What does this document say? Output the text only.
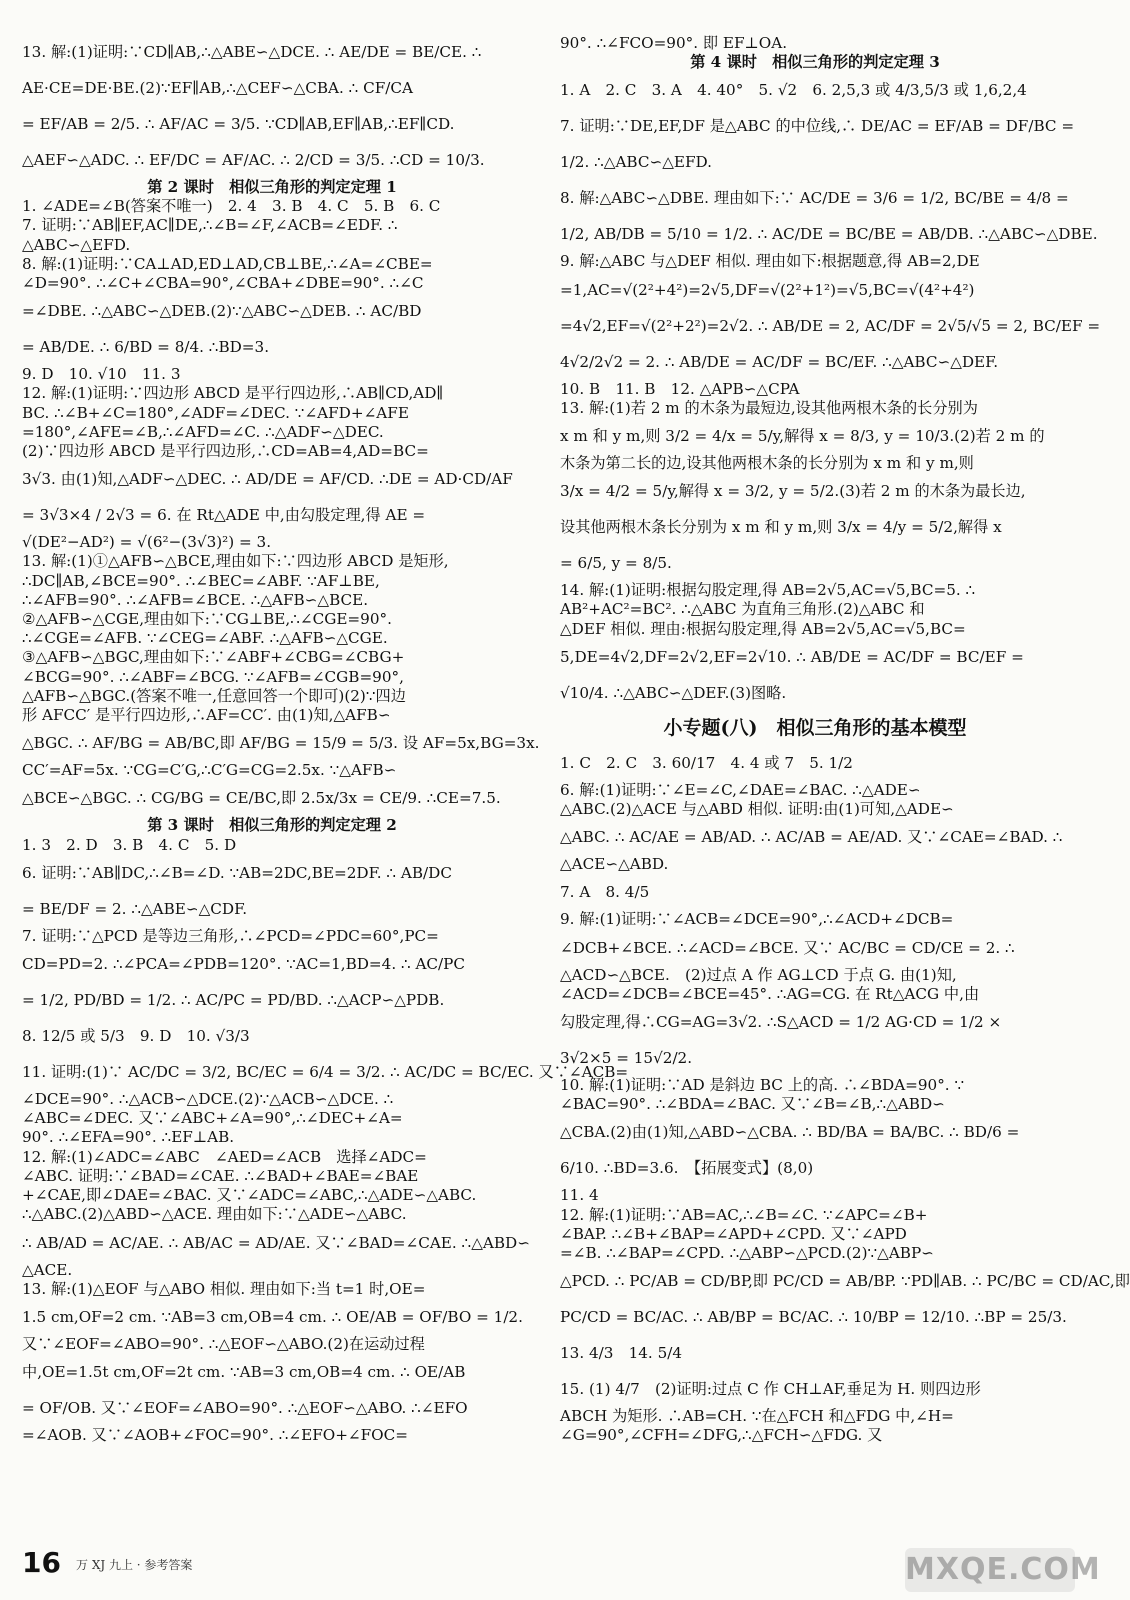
13. 解:(1)证明:∵CD∥AB,∴△ABE∽△DCE. ∴ AE/DE = BE/CE. ∴
AE·CE=DE·BE.(2)∵EF∥AB,∴△CEF∽△CBA. ∴ CF/CA
= EF/AB = 2/5. ∴ AF/AC = 3/5. ∵CD∥AB,EF∥AB,∴EF∥CD.
△AEF∽△ADC. ∴ EF/DC = AF/AC. ∴ 2/CD = 3/5. ∴CD = 10/3.
第 2 课时　相似三角形的判定定理 1
1. ∠ADE=∠B(答案不唯一)　2. 4　3. B　4. C　5. B　6. C
7. 证明:∵AB∥EF,AC∥DE,∴∠B=∠F,∠ACB=∠EDF. ∴
△ABC∽△EFD.
8. 解:(1)证明:∵CA⊥AD,ED⊥AD,CB⊥BE,∴∠A=∠CBE=
∠D=90°. ∴∠C+∠CBA=90°,∠CBA+∠DBE=90°. ∴∠C
=∠DBE. ∴△ABC∽△DEB.(2)∵△ABC∽△DEB. ∴ AC/BD
= AB/DE. ∴ 6/BD = 8/4. ∴BD=3.
9. D　10. √10　11. 3
12. 解:(1)证明:∵四边形 ABCD 是平行四边形,∴AB∥CD,AD∥
BC. ∴∠B+∠C=180°,∠ADF=∠DEC. ∵∠AFD+∠AFE
=180°,∠AFE=∠B,∴∠AFD=∠C. ∴△ADF∽△DEC.
(2)∵四边形 ABCD 是平行四边形,∴CD=AB=4,AD=BC=
3√3. 由(1)知,△ADF∽△DEC. ∴ AD/DE = AF/CD. ∴DE = AD·CD/AF
= 3√3×4 / 2√3 = 6. 在 Rt△ADE 中,由勾股定理,得 AE =
√(DE²−AD²) = √(6²−(3√3)²) = 3.
13. 解:(1)①△AFB∽△BCE,理由如下:∵四边形 ABCD 是矩形,
∴DC∥AB,∠BCE=90°. ∴∠BEC=∠ABF. ∵AF⊥BE,
∴∠AFB=90°. ∴∠AFB=∠BCE. ∴△AFB∽△BCE.
②△AFB∽△CGE,理由如下:∵CG⊥BE,∴∠CGE=90°.
∴∠CGE=∠AFB. ∵∠CEG=∠ABF. ∴△AFB∽△CGE.
③△AFB∽△BGC,理由如下:∵∠ABF+∠CBG=∠CBG+
∠BCG=90°. ∴∠ABF=∠BCG. ∵∠AFB=∠CGB=90°,
△AFB∽△BGC.(答案不唯一,任意回答一个即可)(2)∵四边
形 AFCC′ 是平行四边形,∴AF=CC′. 由(1)知,△AFB∽
△BGC. ∴ AF/BG = AB/BC,即 AF/BG = 15/9 = 5/3. 设 AF=5x,BG=3x.
CC′=AF=5x. ∵CG=C′G,∴C′G=CG=2.5x. ∵△AFB∽
△BCE∽△BGC. ∴ CG/BG = CE/BC,即 2.5x/3x = CE/9. ∴CE=7.5.
第 3 课时　相似三角形的判定定理 2
1. 3　2. D　3. B　4. C　5. D
6. 证明:∵AB∥DC,∴∠B=∠D. ∵AB=2DC,BE=2DF. ∴ AB/DC
= BE/DF = 2. ∴△ABE∽△CDF.
7. 证明:∵△PCD 是等边三角形,∴∠PCD=∠PDC=60°,PC=
CD=PD=2. ∴∠PCA=∠PDB=120°. ∵AC=1,BD=4. ∴ AC/PC
= 1/2, PD/BD = 1/2. ∴ AC/PC = PD/BD. ∴△ACP∽△PDB.
8. 12/5 或 5/3　9. D　10. √3/3
11. 证明:(1)∵ AC/DC = 3/2, BC/EC = 6/4 = 3/2. ∴ AC/DC = BC/EC. 又∵∠ACB=
∠DCE=90°. ∴△ACB∽△DCE.(2)∵△ACB∽△DCE. ∴
∠ABC=∠DEC. 又∵∠ABC+∠A=90°,∴∠DEC+∠A=
90°. ∴∠EFA=90°. ∴EF⊥AB.
12. 解:(1)∠ADC=∠ABC　∠AED=∠ACB　选择∠ADC=
∠ABC. 证明:∵∠BAD=∠CAE. ∴∠BAD+∠BAE=∠BAE
+∠CAE,即∠DAE=∠BAC. 又∵∠ADC=∠ABC,∴△ADE∽△ABC.
∴△ABC.(2)△ABD∽△ACE. 理由如下:∵△ADE∽△ABC.
∴ AB/AD = AC/AE. ∴ AB/AC = AD/AE. 又∵∠BAD=∠CAE. ∴△ABD∽
△ACE.
13. 解:(1)△EOF 与△ABO 相似. 理由如下:当 t=1 时,OE=
1.5 cm,OF=2 cm. ∵AB=3 cm,OB=4 cm. ∴ OE/AB = OF/BO = 1/2.
又∵∠EOF=∠ABO=90°. ∴△EOF∽△ABO.(2)在运动过程
中,OE=1.5t cm,OF=2t cm. ∵AB=3 cm,OB=4 cm. ∴ OE/AB
= OF/OB. 又∵∠EOF=∠ABO=90°. ∴△EOF∽△ABO. ∴∠EFO
=∠AOB. 又∵∠AOB+∠FOC=90°. ∴∠EFO+∠FOC=
90°. ∴∠FCO=90°. 即 EF⊥OA.
第 4 课时　相似三角形的判定定理 3
1. A　2. C　3. A　4. 40°　5. √2　6. 2,5,3 或 4/3,5/3 或 1,6,2,4
7. 证明:∵DE,EF,DF 是△ABC 的中位线,∴ DE/AC = EF/AB = DF/BC =
1/2. ∴△ABC∽△EFD.
8. 解:△ABC∽△DBE. 理由如下:∵ AC/DE = 3/6 = 1/2, BC/BE = 4/8 =
1/2, AB/DB = 5/10 = 1/2. ∴ AC/DE = BC/BE = AB/DB. ∴△ABC∽△DBE.
9. 解:△ABC 与△DEF 相似. 理由如下:根据题意,得 AB=2,DE
=1,AC=√(2²+4²)=2√5,DF=√(2²+1²)=√5,BC=√(4²+4²)
=4√2,EF=√(2²+2²)=2√2. ∴ AB/DE = 2, AC/DF = 2√5/√5 = 2, BC/EF =
4√2/2√2 = 2. ∴ AB/DE = AC/DF = BC/EF. ∴△ABC∽△DEF.
10. B　11. B　12. △APB∽△CPA
13. 解:(1)若 2 m 的木条为最短边,设其他两根木条的长分别为
x m 和 y m,则 3/2 = 4/x = 5/y,解得 x = 8/3, y = 10/3.(2)若 2 m 的
木条为第二长的边,设其他两根木条的长分别为 x m 和 y m,则
3/x = 4/2 = 5/y,解得 x = 3/2, y = 5/2.(3)若 2 m 的木条为最长边,
设其他两根木条长分别为 x m 和 y m,则 3/x = 4/y = 5/2,解得 x
= 6/5, y = 8/5.
14. 解:(1)证明:根据勾股定理,得 AB=2√5,AC=√5,BC=5. ∴
AB²+AC²=BC². ∴△ABC 为直角三角形.(2)△ABC 和
△DEF 相似. 理由:根据勾股定理,得 AB=2√5,AC=√5,BC=
5,DE=4√2,DF=2√2,EF=2√10. ∴ AB/DE = AC/DF = BC/EF =
√10/4. ∴△ABC∽△DEF.(3)图略.
小专题(八)　相似三角形的基本模型
1. C　2. C　3. 60/17　4. 4 或 7　5. 1/2
6. 解:(1)证明:∵∠E=∠C,∠DAE=∠BAC. ∴△ADE∽
△ABC.(2)△ACE 与△ABD 相似. 证明:由(1)可知,△ADE∽
△ABC. ∴ AC/AE = AB/AD. ∴ AC/AB = AE/AD. 又∵∠CAE=∠BAD. ∴
△ACE∽△ABD.
7. A　8. 4/5
9. 解:(1)证明:∵∠ACB=∠DCE=90°,∴∠ACD+∠DCB=
∠DCB+∠BCE. ∴∠ACD=∠BCE. 又∵ AC/BC = CD/CE = 2. ∴
△ACD∽△BCE.　(2)过点 A 作 AG⊥CD 于点 G. 由(1)知,
∠ACD=∠DCB=∠BCE=45°. ∴AG=CG. 在 Rt△ACG 中,由
勾股定理,得∴CG=AG=3√2. ∴S△ACD = 1/2 AG·CD = 1/2 ×
3√2×5 = 15√2/2.
10. 解:(1)证明:∵AD 是斜边 BC 上的高. ∴∠BDA=90°. ∵
∠BAC=90°. ∴∠BDA=∠BAC. 又∵∠B=∠B,∴△ABD∽
△CBA.(2)由(1)知,△ABD∽△CBA. ∴ BD/BA = BA/BC. ∴ BD/6 =
6/10. ∴BD=3.6.　【拓展变式】(8,0)
11. 4
12. 解:(1)证明:∵AB=AC,∴∠B=∠C. ∵∠APC=∠B+
∠BAP. ∴∠B+∠BAP=∠APD+∠CPD. 又∵∠APD
=∠B. ∴∠BAP=∠CPD. ∴△ABP∽△PCD.(2)∵△ABP∽
△PCD. ∴ PC/AB = CD/BP,即 PC/CD = AB/BP. ∵PD∥AB. ∴ PC/BC = CD/AC,即
PC/CD = BC/AC. ∴ AB/BP = BC/AC. ∴ 10/BP = 12/10. ∴BP = 25/3.
13. 4/3　14. 5/4
15. (1) 4/7　(2)证明:过点 C 作 CH⊥AF,垂足为 H. 则四边形
ABCH 为矩形. ∴AB=CH. ∵在△FCH 和△FDG 中,∠H=
∠G=90°,∠CFH=∠DFG,∴△FCH∽△FDG. 又
16 万 XJ 九上 · 参考答案	MXQE.COM
